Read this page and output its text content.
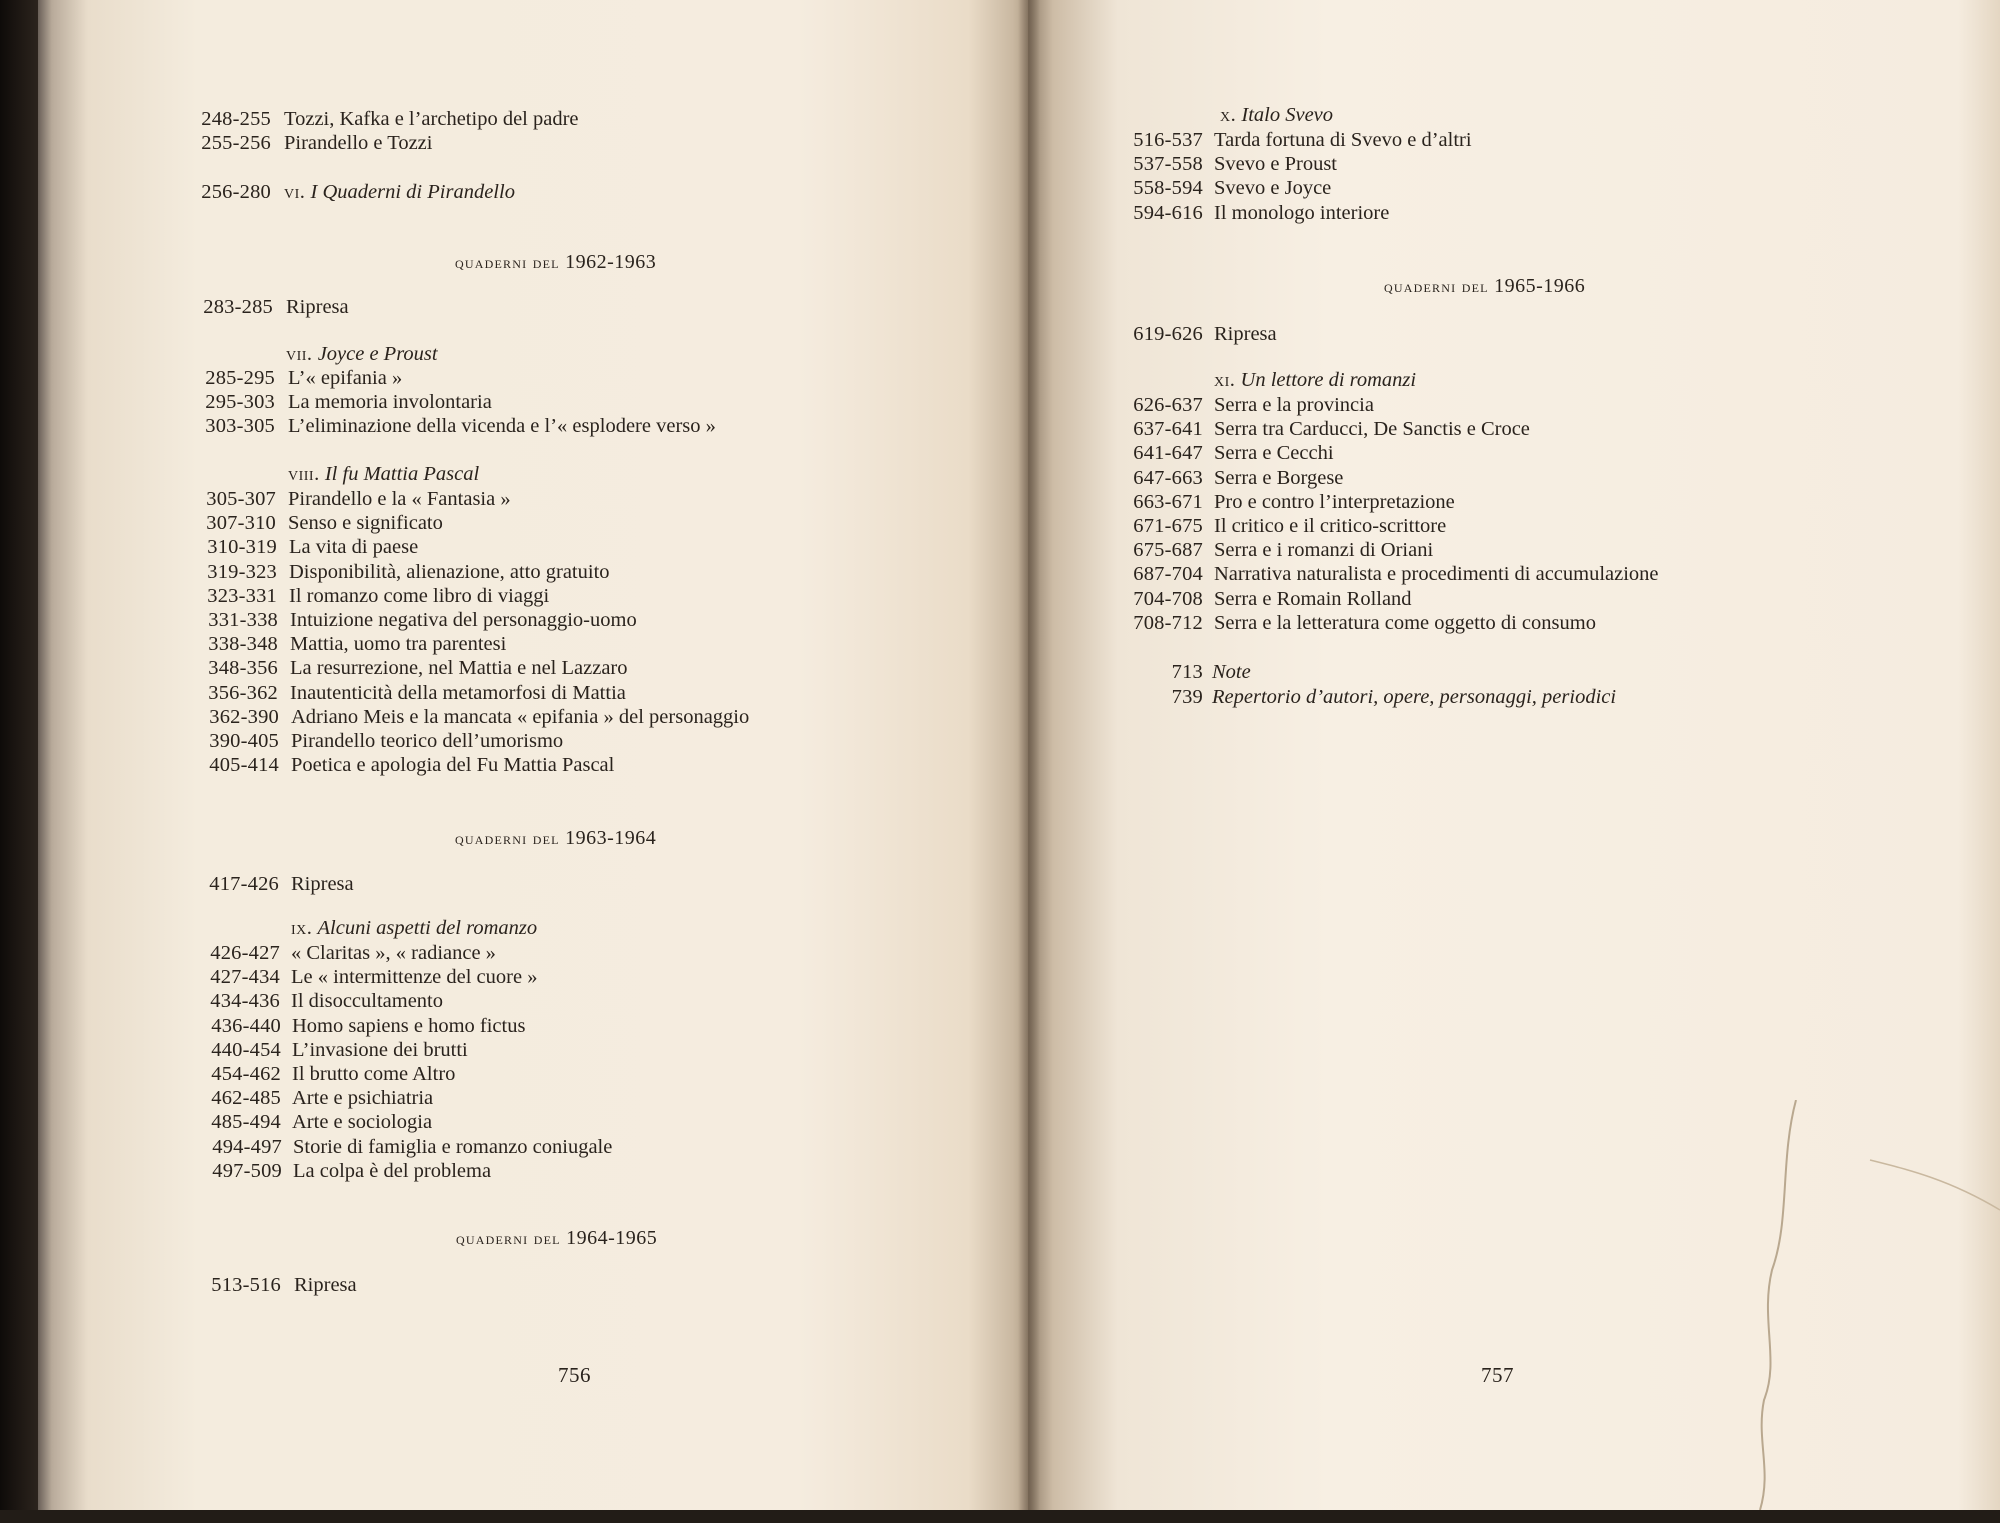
248-255 Tozzi, Kafka e l’archetipo del padre
255-256 Pirandello e Tozzi
256-280 vi. I Quaderni di Pirandello
quaderni del 1962-1963
283-285 Ripresa
vii. Joyce e Proust
285-295 L’« epifania »
295-303 La memoria involontaria
303-305 L’eliminazione della vicenda e l’« esplodere verso »
viii. Il fu Mattia Pascal
305-307 Pirandello e la « Fantasia »
307-310 Senso e significato
310-319 La vita di paese
319-323 Disponibilità, alienazione, atto gratuito
323-331 Il romanzo come libro di viaggi
331-338 Intuizione negativa del personaggio-uomo
338-348 Mattia, uomo tra parentesi
348-356 La resurrezione, nel Mattia e nel Lazzaro
356-362 Inautenticità della metamorfosi di Mattia
362-390 Adriano Meis e la mancata « epifania » del personaggio
390-405 Pirandello teorico dell’umorismo
405-414 Poetica e apologia del Fu Mattia Pascal
quaderni del 1963-1964
417-426 Ripresa
ix. Alcuni aspetti del romanzo
426-427 « Claritas », « radiance »
427-434 Le « intermittenze del cuore »
434-436 Il disoccultamento
436-440 Homo sapiens e homo fictus
440-454 L’invasione dei brutti
454-462 Il brutto come Altro
462-485 Arte e psichiatria
485-494 Arte e sociologia
494-497 Storie di famiglia e romanzo coniugale
497-509 La colpa è del problema
quaderni del 1964-1965
513-516 Ripresa
756
x. Italo Svevo
516-537 Tarda fortuna di Svevo e d’altri
537-558 Svevo e Proust
558-594 Svevo e Joyce
594-616 Il monologo interiore
quaderni del 1965-1966
619-626 Ripresa
xi. Un lettore di romanzi
626-637 Serra e la provincia
637-641 Serra tra Carducci, De Sanctis e Croce
641-647 Serra e Cecchi
647-663 Serra e Borgese
663-671 Pro e contro l’interpretazione
671-675 Il critico e il critico-scrittore
675-687 Serra e i romanzi di Oriani
687-704 Narrativa naturalista e procedimenti di accumulazione
704-708 Serra e Romain Rolland
708-712 Serra e la letteratura come oggetto di consumo
713 Note
739 Repertorio d’autori, opere, personaggi, periodici
757
